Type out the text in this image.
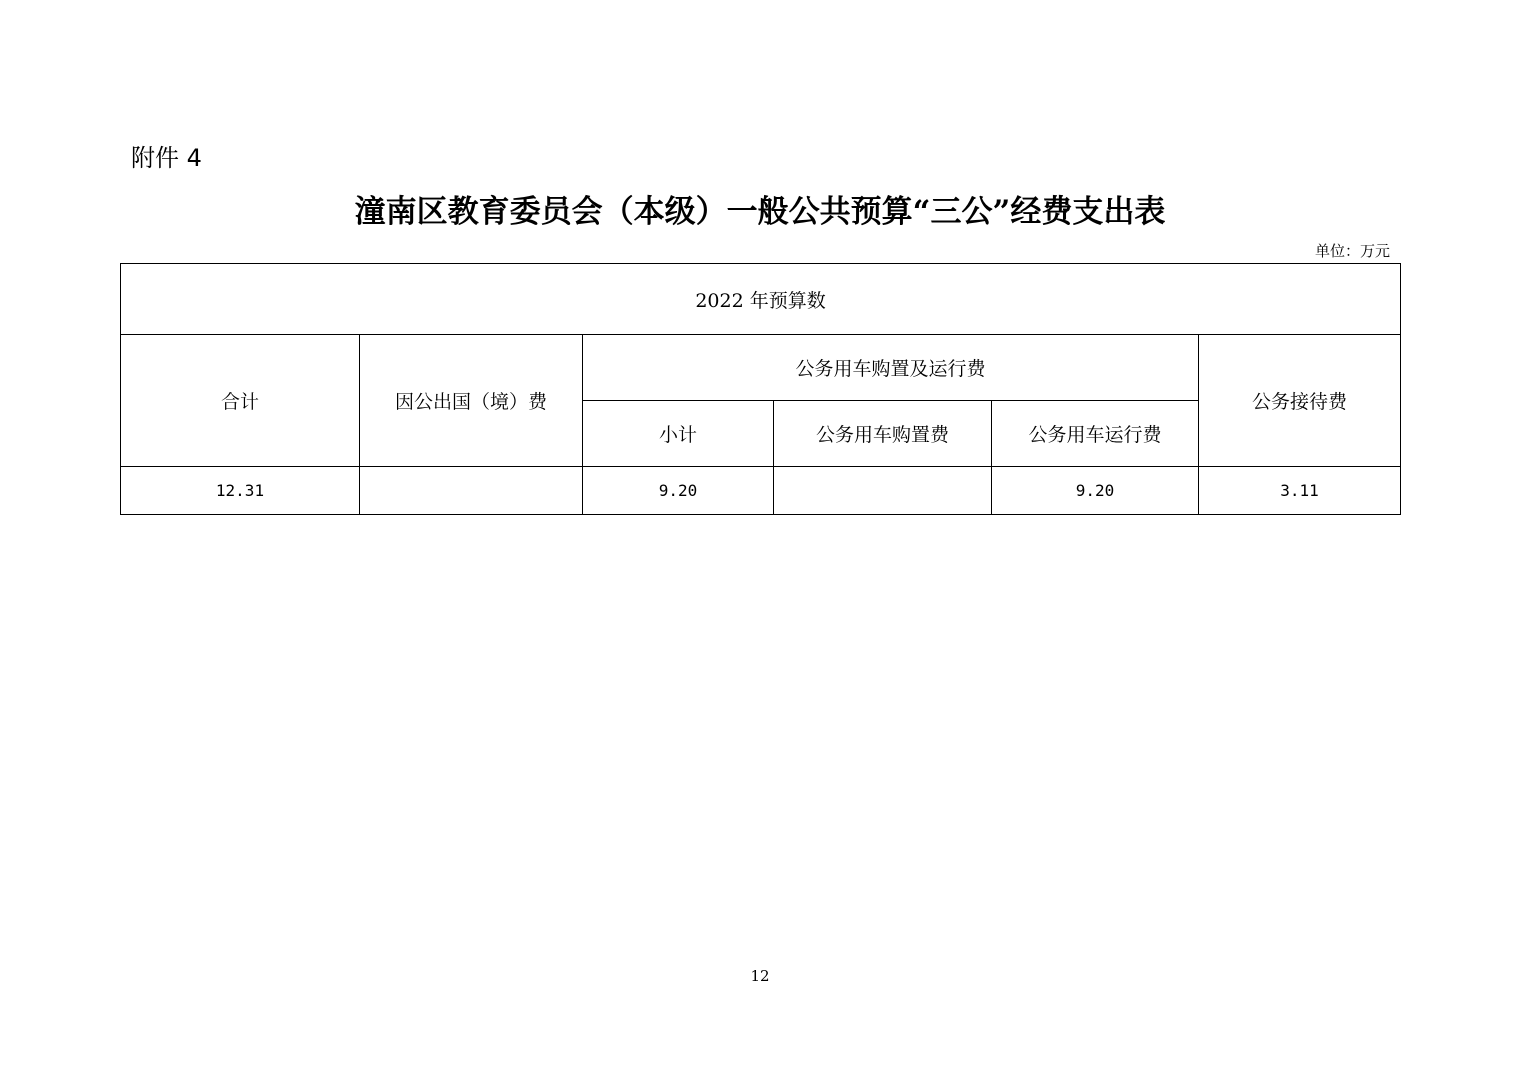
附件 4
潼南区教育委员会（本级）一般公共预算“三公”经费支出表
单位：万元
2022 年预算数					
合计	因公出国（境）费	公务用车购置及运行费			公务接待费
		小计	公务用车购置费	公务用车运行费	
12.31		9.20		9.20	3.11
12
